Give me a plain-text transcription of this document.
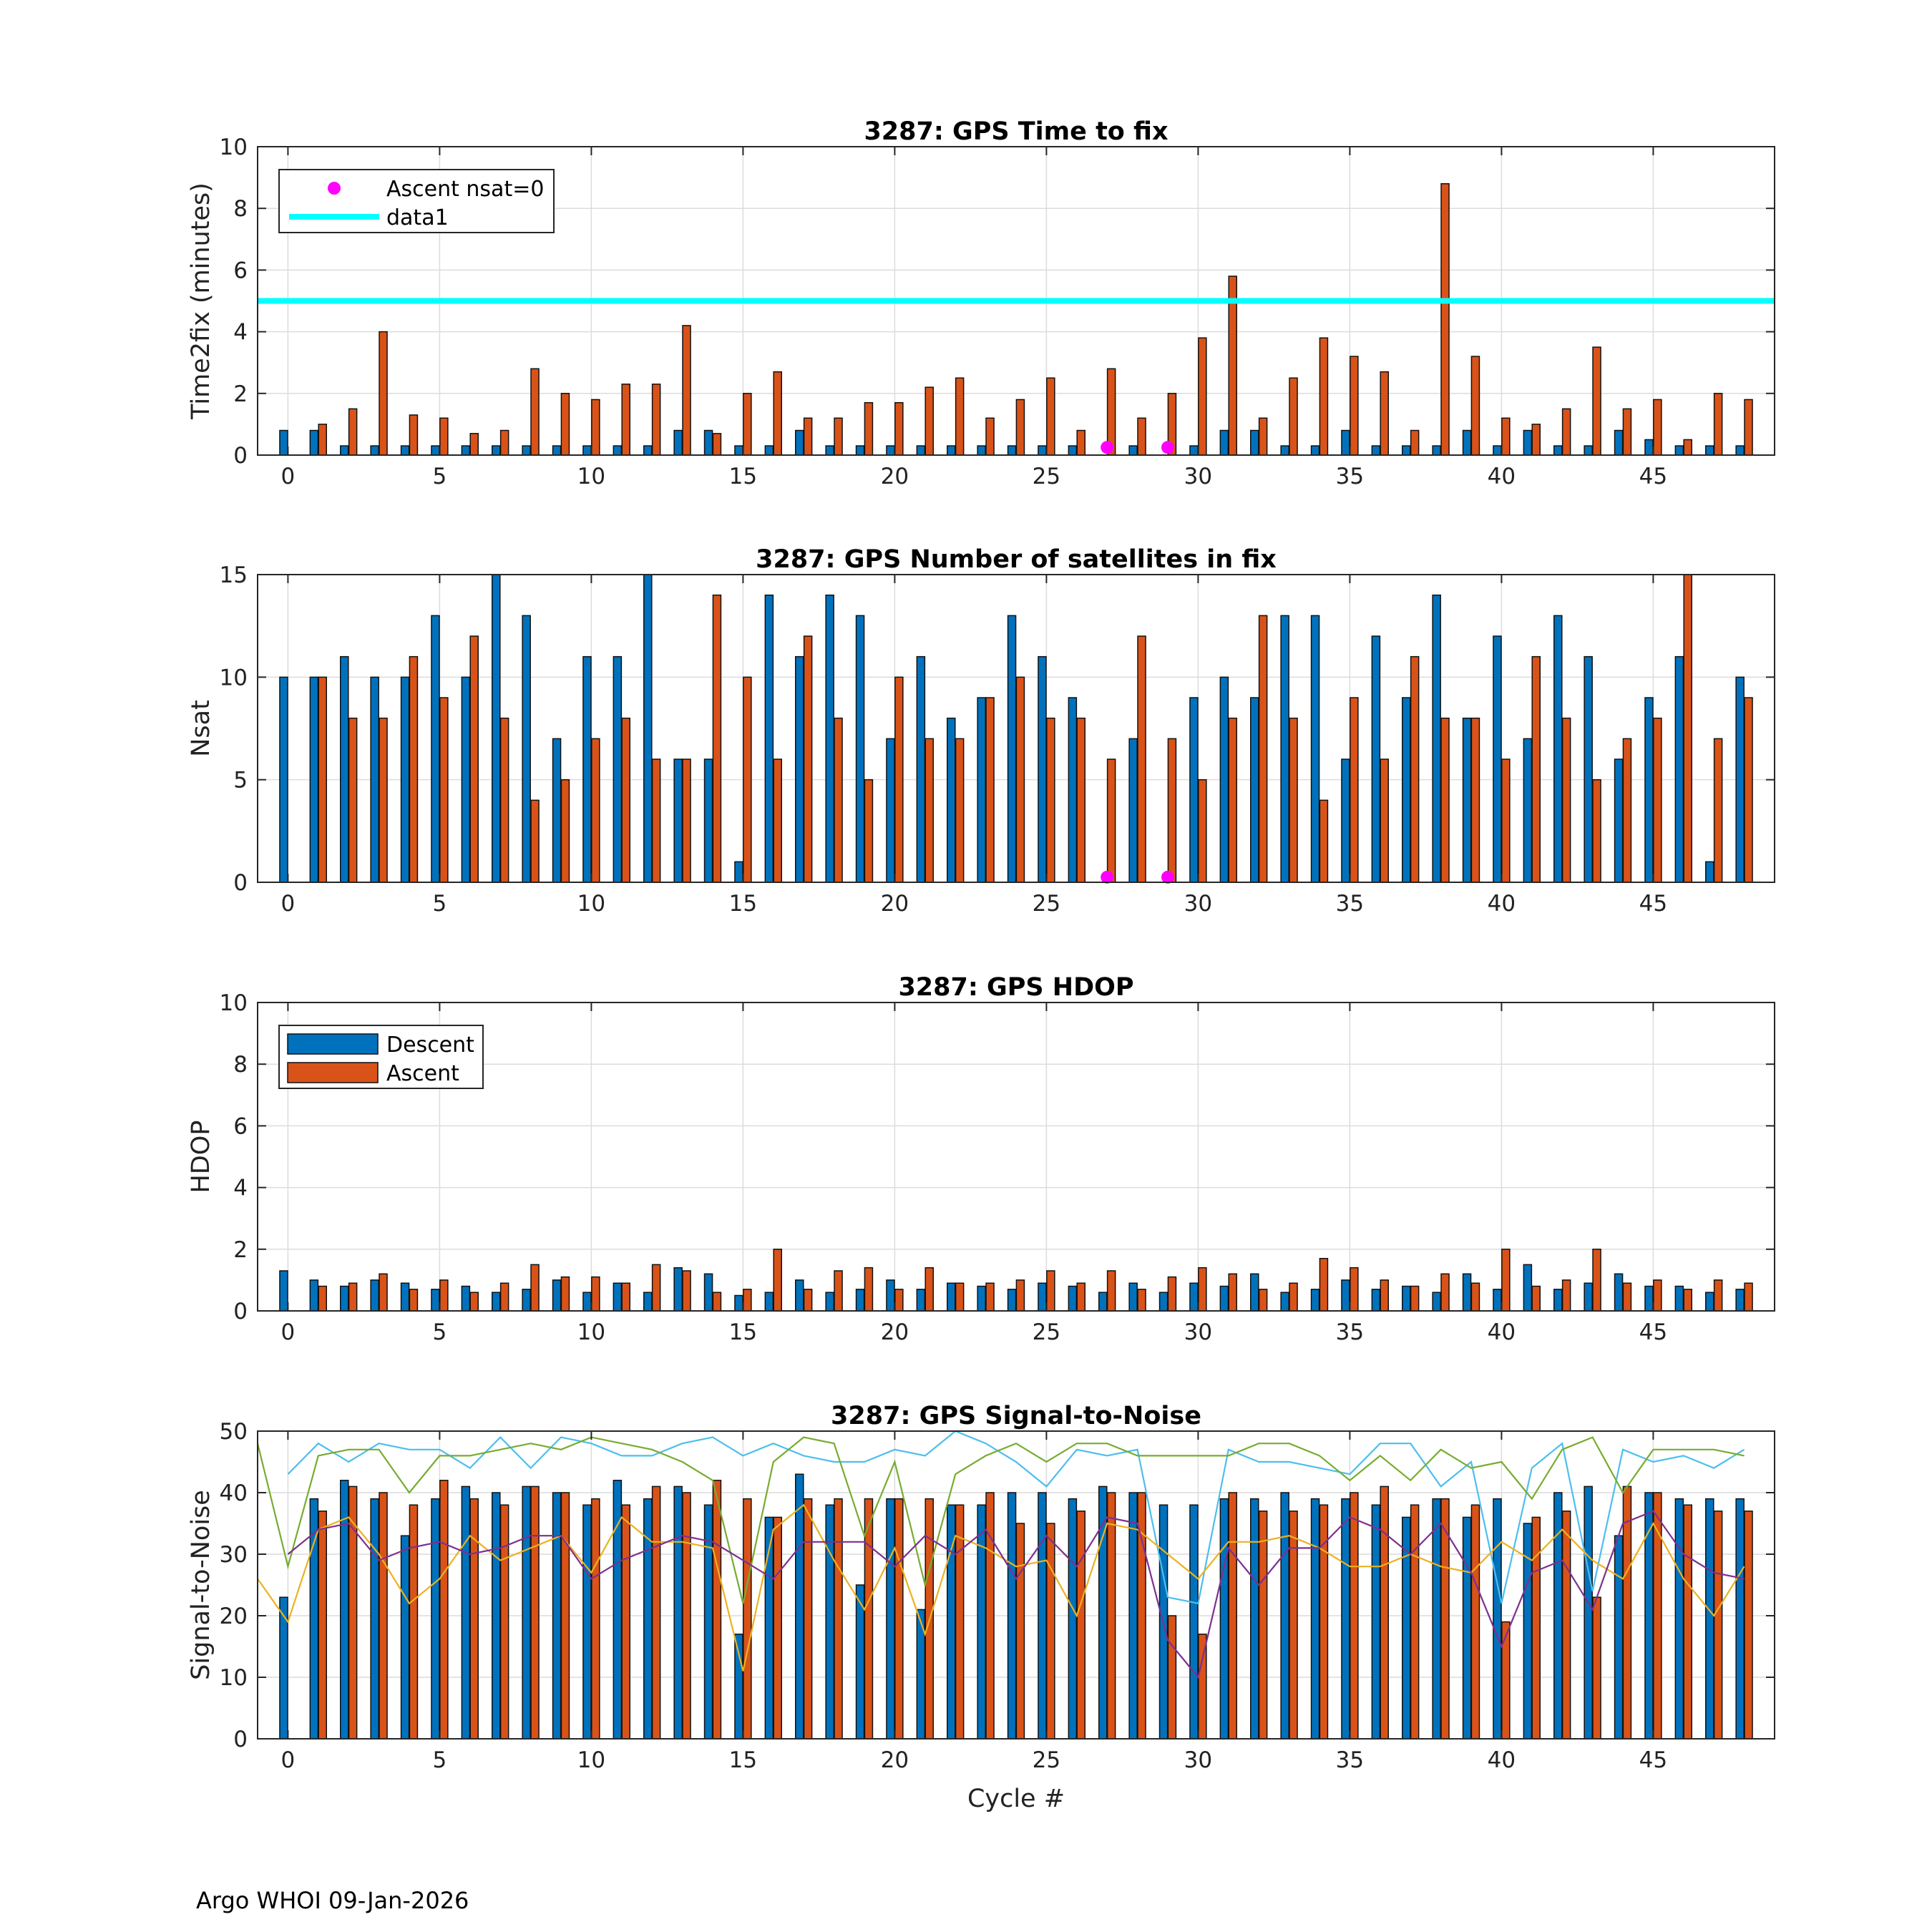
0	5	10	15	20	25	30	35	40	45
0
2
4
6
8
10
3287: GPS Time to fix
Time2fix (minutes)	Ascent nsat=0
data1
0	5	10	15	20	25	30	35	40	45
0
5
10
15
3287: GPS Number of satellites in fix
Nsat
0	5	10	15	20	25	30	35	40	45
0
2
4
6
8
10
3287: GPS HDOP
HDOP
Descent
Ascent
0	5	10	15	20	25	30	35	40	45
0
10
20
30
40
50
3287: GPS Signal-to-Noise
Signal-to-Noise
Cycle #
Argo WHOI 09-Jan-2026
